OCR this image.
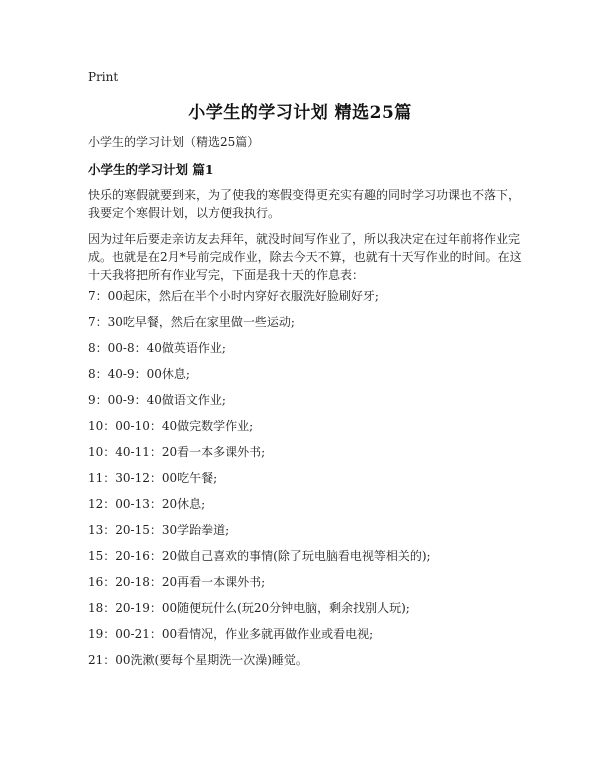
Print
小学生的学习计划 精选25篇
小学生的学习计划（精选25篇）
小学生的学习计划 篇1

快乐的寒假就要到来，为了使我的寒假变得更充实有趣的同时学习功课也不落下，我要定个寒假计划，以方便我执行。

因为过年后要走亲访友去拜年，就没时间写作业了，所以我决定在过年前将作业完成。也就是在2月*号前完成作业，除去今天不算，也就有十天写作业的时间。在这十天我将把所有作业写完，下面是我十天的作息表：

7：00起床，然后在半个小时内穿好衣服洗好脸刷好牙;
7：30吃早餐，然后在家里做一些运动;
8：00-8：40做英语作业;
8：40-9：00休息;
9：00-9：40做语文作业;
10：00-10：40做完数学作业;
10：40-11：20看一本多课外书;
11：30-12：00吃午餐;
12：00-13：20休息;
13：20-15：30学跆拳道;
15：20-16：20做自己喜欢的事情(除了玩电脑看电视等相关的);
16：20-18：20再看一本课外书;
18：20-19：00随便玩什么(玩20分钟电脑，剩余找别人玩);
19：00-21：00看情况，作业多就再做作业或看电视;
21：00洗漱(要每个星期洗一次澡)睡觉。
